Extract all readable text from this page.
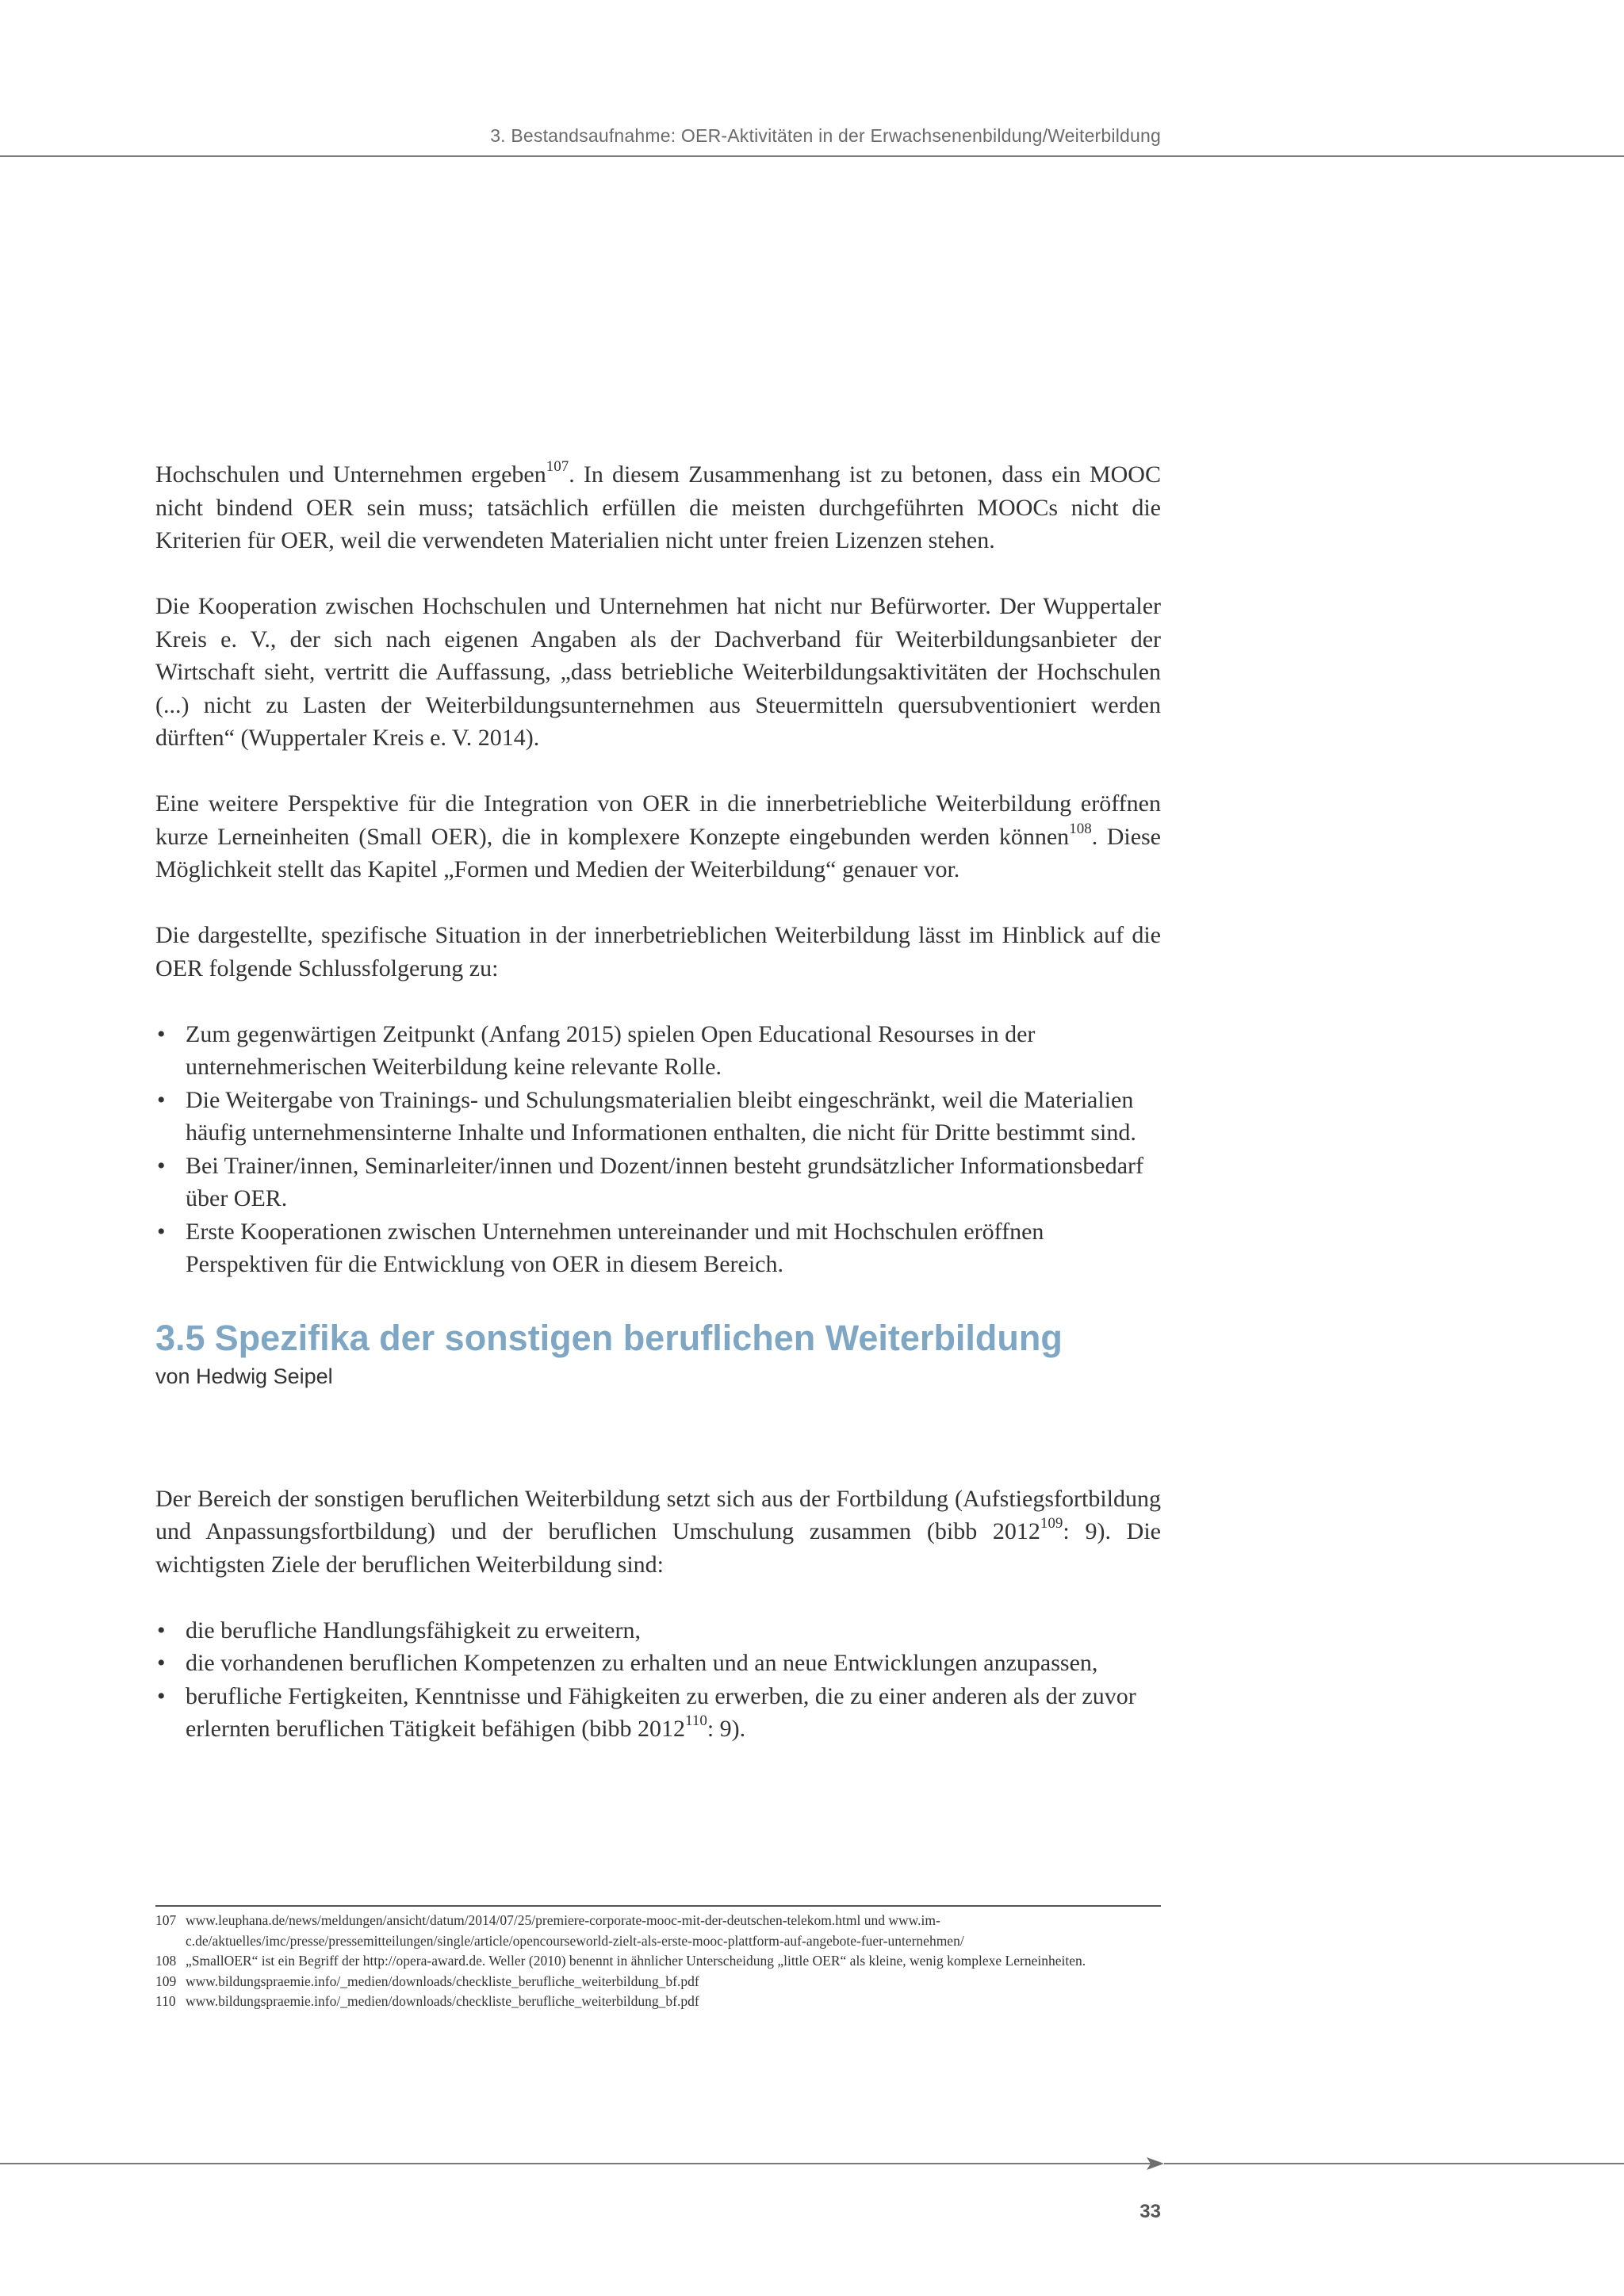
3. Bestandsaufnahme: OER-Aktivitäten in der Erwachsenenbildung/Weiterbildung

Hochschulen und Unternehmen ergeben$^{107}$. In diesem Zusammenhang ist zu betonen, dass ein MOOC nicht bindend OER sein muss; tatsächlich erfüllen die meisten durchgeführten MOOCs nicht die Kriterien für OER, weil die verwendeten Materialien nicht unter freien Lizenzen stehen.

Die Kooperation zwischen Hochschulen und Unternehmen hat nicht nur Befürworter. Der Wuppertaler Kreis e. V., der sich nach eigenen Angaben als der Dachverband für Weiterbildungsanbieter der Wirtschaft sieht, vertritt die Auffassung, „dass betriebliche Weiterbildungsaktivitäten der Hochschulen (...) nicht zu Lasten der Weiterbildungsunternehmen aus Steuermitteln quersubventioniert werden dürften“ (Wuppertaler Kreis e. V. 2014).

Eine weitere Perspektive für die Integration von OER in die innerbetriebliche Weiterbildung eröffnen kurze Lerneinheiten (Small OER), die in komplexere Konzepte eingebunden werden können$^{108}$. Diese Möglichkeit stellt das Kapitel „Formen und Medien der Weiterbildung“ genauer vor.

Die dargestellte, spezifische Situation in der innerbetrieblichen Weiterbildung lässt im Hinblick auf die OER folgende Schlussfolgerung zu:

• Zum gegenwärtigen Zeitpunkt (Anfang 2015) spielen Open Educational Resourses in der unternehmerischen Weiterbildung keine relevante Rolle.
• Die Weitergabe von Trainings- und Schulungsmaterialien bleibt eingeschränkt, weil die Materialien häufig unternehmensinterne Inhalte und Informationen enthalten, die nicht für Dritte bestimmt sind.
• Bei Trainer/innen, Seminarleiter/innen und Dozent/innen besteht grundsätzlicher Informationsbedarf über OER.
• Erste Kooperationen zwischen Unternehmen untereinander und mit Hochschulen eröffnen Perspektiven für die Entwicklung von OER in diesem Bereich.
3.5 Spezifika der sonstigen beruflichen Weiterbildung
von Hedwig Seipel

Der Bereich der sonstigen beruflichen Weiterbildung setzt sich aus der Fortbildung (Aufstiegsfortbildung und Anpassungsfortbildung) und der beruflichen Umschulung zusammen (bibb 2012$^{109}$: 9). Die wichtigsten Ziele der beruflichen Weiterbildung sind:

• die berufliche Handlungsfähigkeit zu erweitern,
• die vorhandenen beruflichen Kompetenzen zu erhalten und an neue Entwicklungen anzupassen,
• berufliche Fertigkeiten, Kenntnisse und Fähigkeiten zu erwerben, die zu einer anderen als der zuvor erlernten beruflichen Tätigkeit befähigen (bibb 2012$^{110}$: 9).
107 www.leuphana.de/news/meldungen/ansicht/datum/2014/07/25/premiere-corporate-mooc-mit-der-deutschen-telekom.html und www.im-c.de/aktuelles/imc/presse/pressemitteilungen/single/article/opencourseworld-zielt-als-erste-mooc-plattform-auf-angebote-fuer-unternehmen/
108 „SmallOER“ ist ein Begriff der http://opera-award.de. Weller (2010) benennt in ähnlicher Unterscheidung „little OER“ als kleine, wenig komplexe Lerneinheiten.
109 www.bildungspraemie.info/_medien/downloads/checkliste_berufliche_weiterbildung_bf.pdf
110 www.bildungspraemie.info/_medien/downloads/checkliste_berufliche_weiterbildung_bf.pdf
33
